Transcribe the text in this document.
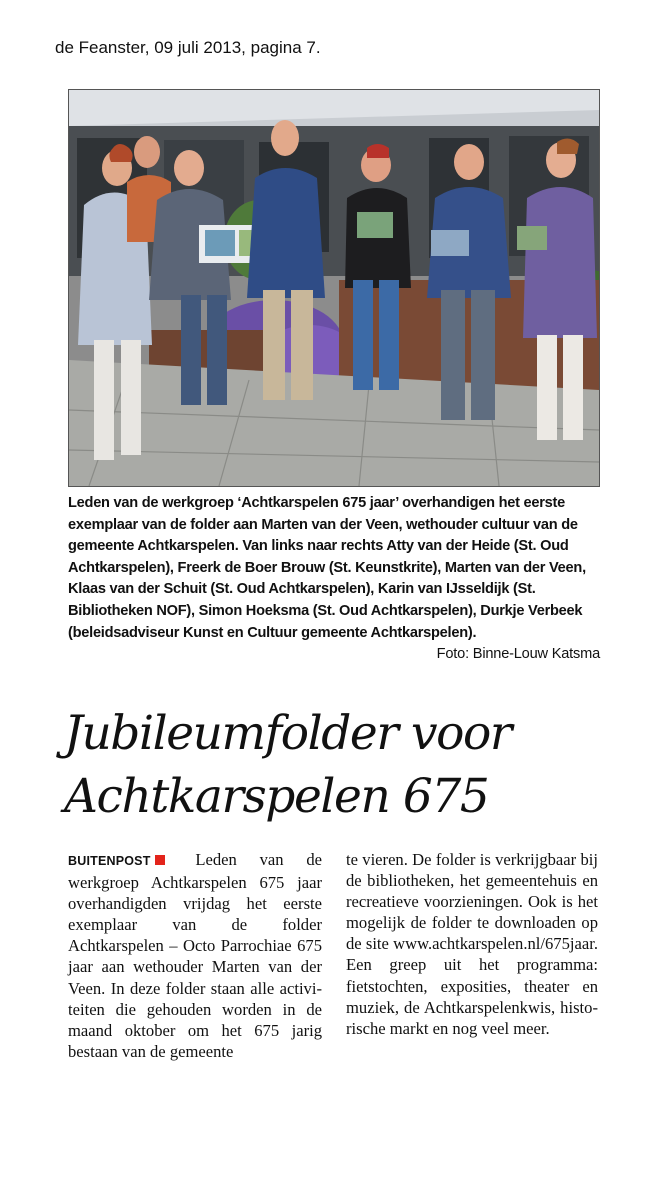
de Feanster, 09 juli 2013, pagina 7.
Leden van de werkgroep ‘Achtkarspelen 675 jaar’ overhandigen het eerste exemplaar van de folder aan Marten van der Veen, wethouder cultuur van de gemeente Achtkarspelen. Van links naar rechts Atty van der Heide (St. Oud Achtkarspelen), Freerk de Boer Brouw (St. Keunstkrite), Marten van der Veen, Klaas van der Schuit (St. Oud Achtkarspelen), Karin van IJsseldijk (St. Bibliotheken NOF), Simon Hoeksma (St. Oud Achtkarspelen), Durkje Verbeek (beleidsadviseur Kunst en Cultuur gemeente Achtkarspelen).
Foto: Binne-Louw Katsma
Jubileumfolder voor
Achtkarspelen 675
BUITENPOST	Leden van de werkgroep Achtkarspelen 675 jaar overhandigden vrijdag het eerste exemplaar van de folder Achtkarspelen – Octo Parrochiae 675 jaar aan wethouder Marten van der Veen. In deze folder staan alle activiteiten die gehouden worden in de maand oktober om het 675 jarig bestaan van de gemeente
te vieren. De folder is verkrijgbaar bij de bibliotheken, het gemeentehuis en recreatieve voorzieningen. Ook is het mogelijk de folder te downloaden op de site www.achtkarspelen.nl/675jaar. Een greep uit het programma: fietstochten, exposities, theater en muziek, de Achtkarspelenkwis, historische markt en nog veel meer.
